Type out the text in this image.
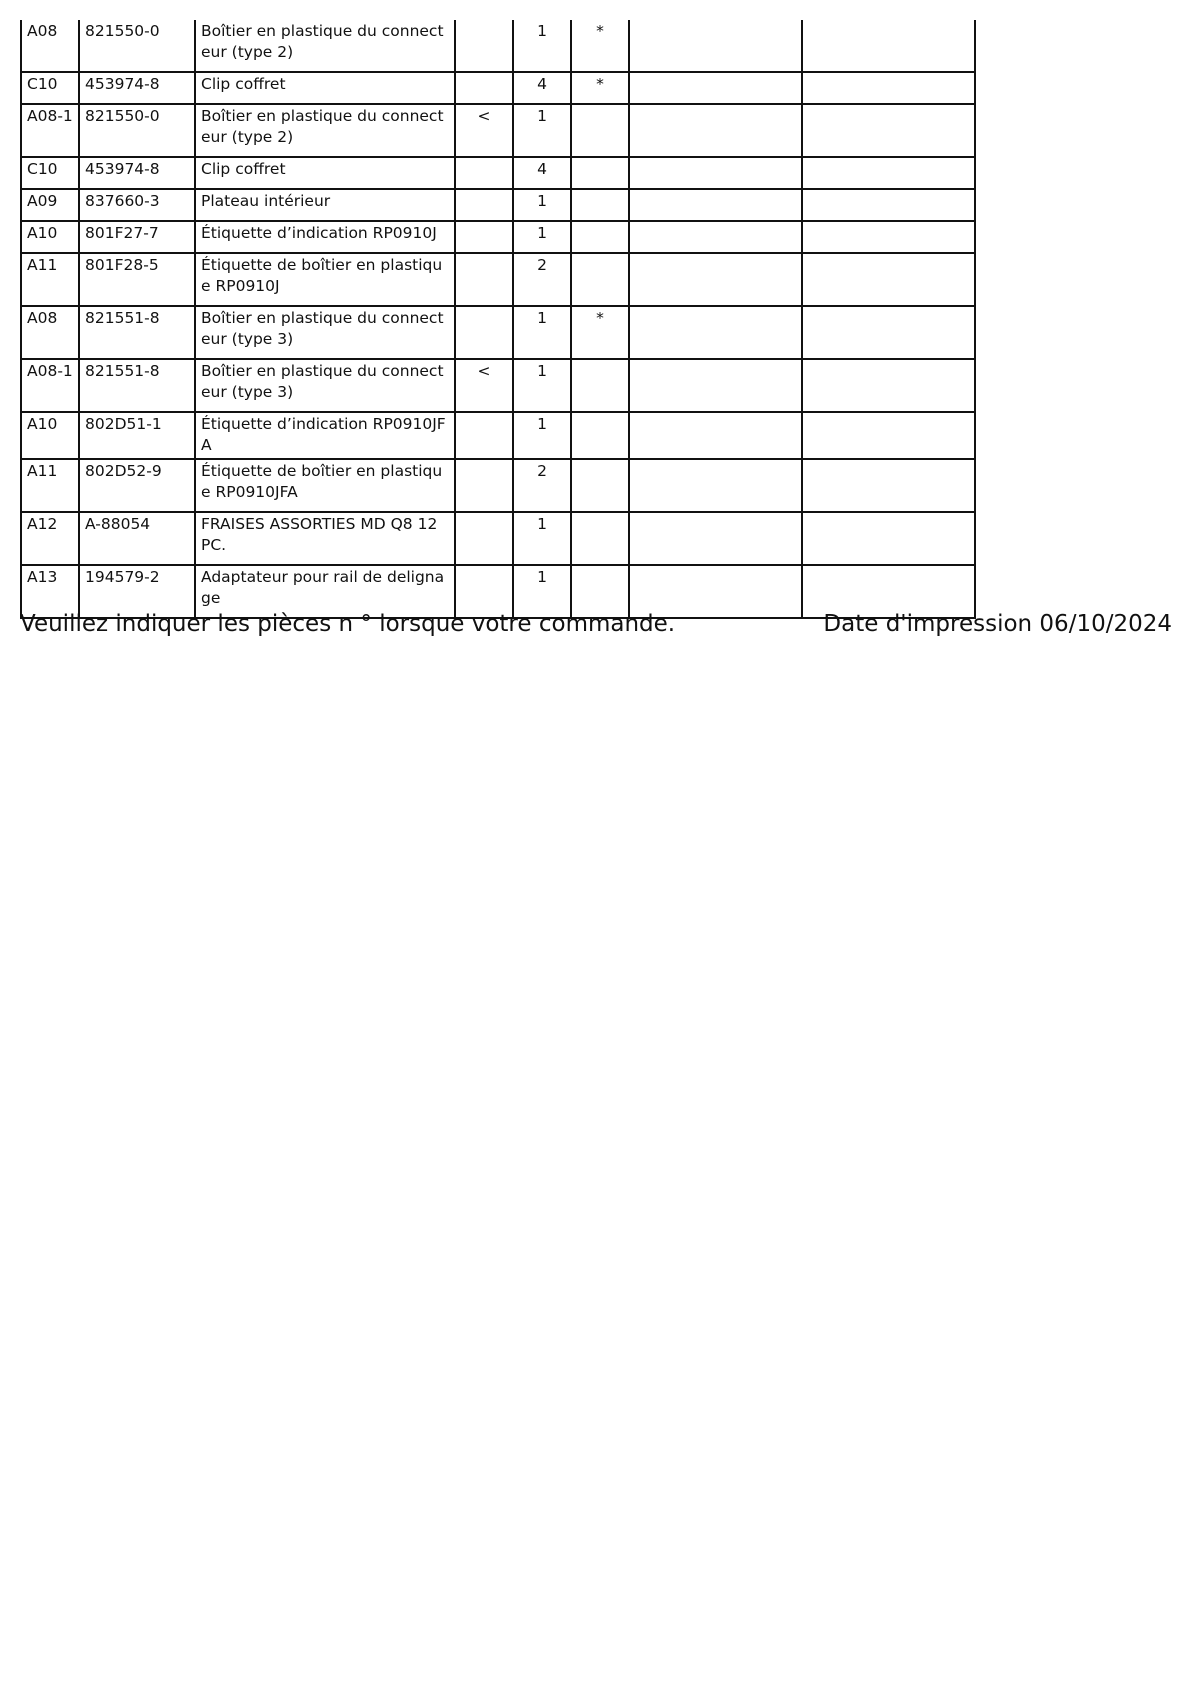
A08	821550-0	Boîtier en plastique du connecteur (type 2)		1	*		
C10	453974-8	Clip coffret		4	*		
A08-1	821550-0	Boîtier en plastique du connecteur (type 2)	<	1			
C10	453974-8	Clip coffret		4			
A09	837660-3	Plateau intérieur		1			
A10	801F27-7	Étiquette d’indication RP0910J		1			
A11	801F28-5	Étiquette de boîtier en plastique RP0910J		2			
A08	821551-8	Boîtier en plastique du connecteur (type 3)		1	*		
A08-1	821551-8	Boîtier en plastique du connecteur (type 3)	<	1			
A10	802D51-1	Étiquette d’indication RP0910JFA		1			
A11	802D52-9	Étiquette de boîtier en plastique RP0910JFA		2			
A12	A-88054	FRAISES ASSORTIES MD Q8 12 PC.		1			
A13	194579-2	Adaptateur pour rail de delignage		1			
Veuillez indiquer les pièces n ° lorsque votre commande.	Date d'impression 06/10/2024
